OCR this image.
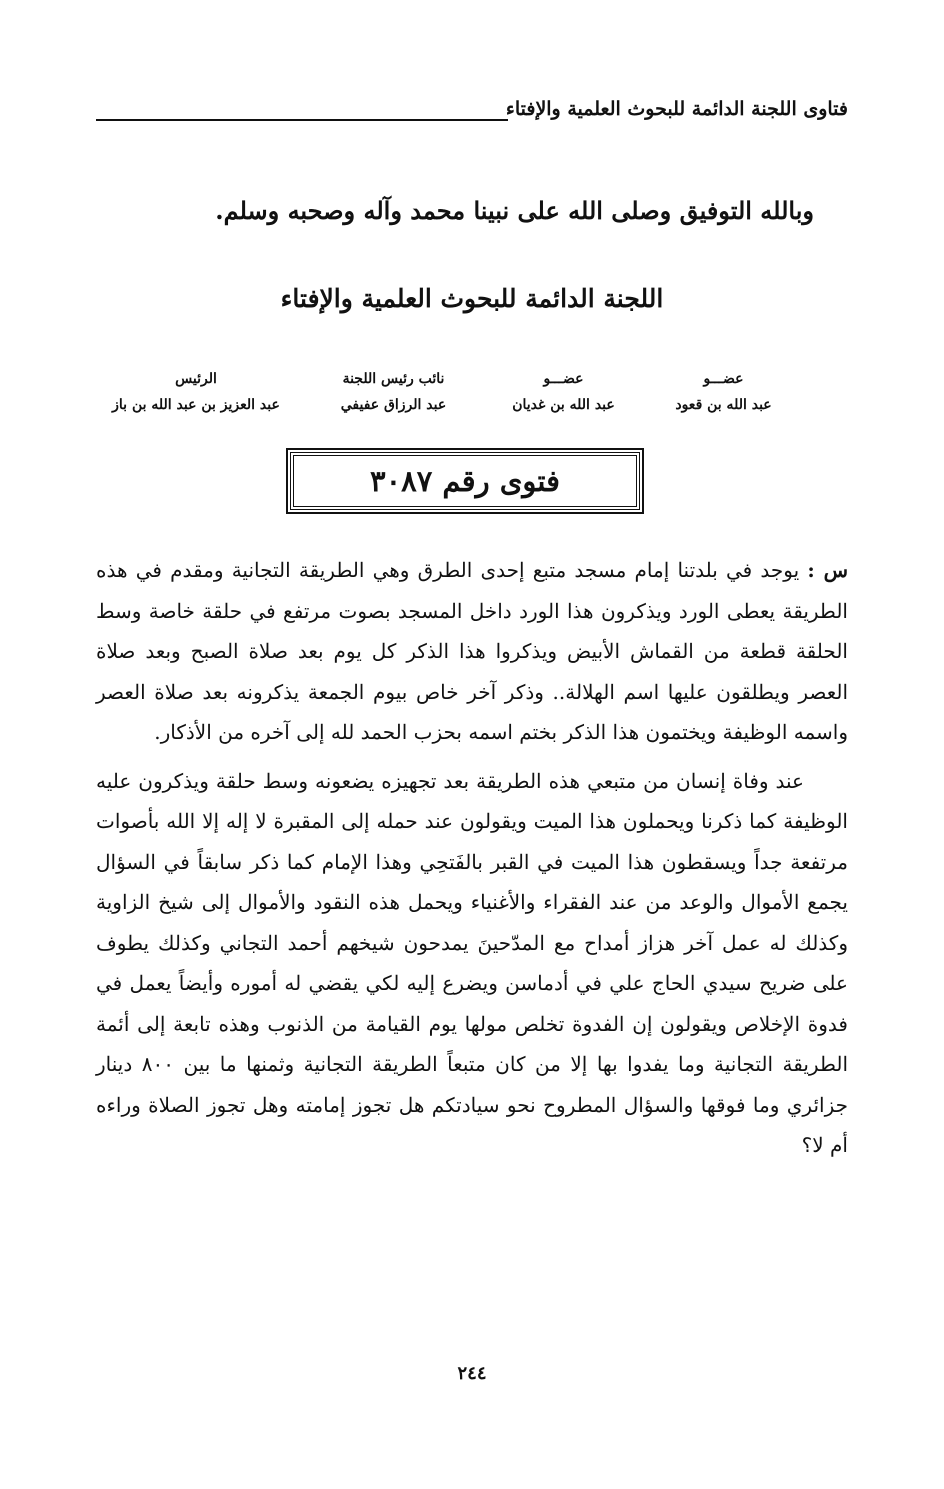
فتاوى اللجنة الدائمة للبحوث العلمية والإفتاء
وبالله التوفيق وصلى الله على نبينا محمد وآله وصحبه وسلم.
اللجنة الدائمة للبحوث العلمية والإفتاء
عضـــو
عبد الله بن قعود
عضـــو
عبد الله بن غديان
نائب رئيس اللجنة
عبد الرزاق عفيفي
الرئيس
عبد العزيز بن عبد الله بن باز
فتوى رقم ٣٠٨٧

س : يوجد في بلدتنا إمام مسجد متبع إحدى الطرق وهي الطريقة التجانية ومقدم في هذه الطريقة يعطى الورد ويذكرون هذا الورد داخل المسجد بصوت مرتفع في حلقة خاصة وسط الحلقة قطعة من القماش الأبيض ويذكروا هذا الذكر كل يوم بعد صلاة الصبح وبعد صلاة العصر ويطلقون عليها اسم الهلالة.. وذكر آخر خاص بيوم الجمعة يذكرونه بعد صلاة العصر واسمه الوظيفة ويختمون هذا الذكر بختم اسمه بحزب الحمد لله إلى آخره من الأذكار.

عند وفاة إنسان من متبعي هذه الطريقة بعد تجهيزه يضعونه وسط حلقة ويذكرون عليه الوظيفة كما ذكرنا ويحملون هذا الميت ويقولون عند حمله إلى المقبرة لا إله إلا الله بأصوات مرتفعة جداً ويسقطون هذا الميت في القبر بالفَتحِي وهذا الإمام كما ذكر سابقاً في السؤال يجمع الأموال والوعد من عند الفقراء والأغنياء ويحمل هذه النقود والأموال إلى شيخ الزاوية وكذلك له عمل آخر هزاز أمداح مع المدّحينَ يمدحون شيخهم أحمد التجاني وكذلك يطوف على ضريح سيدي الحاج علي في أدماسن ويضرع إليه لكي يقضي له أموره وأيضاً يعمل في فدوة الإخلاص ويقولون إن الفدوة تخلص مولها يوم القيامة من الذنوب وهذه تابعة إلى أئمة الطريقة التجانية وما يفدوا بها إلا من كان متبعاً الطريقة التجانية وثمنها ما بين ٨٠٠ دينار جزائري وما فوقها والسؤال المطروح نحو سيادتكم هل تجوز إمامته وهل تجوز الصلاة وراءه أم لا؟

٢٤٤
